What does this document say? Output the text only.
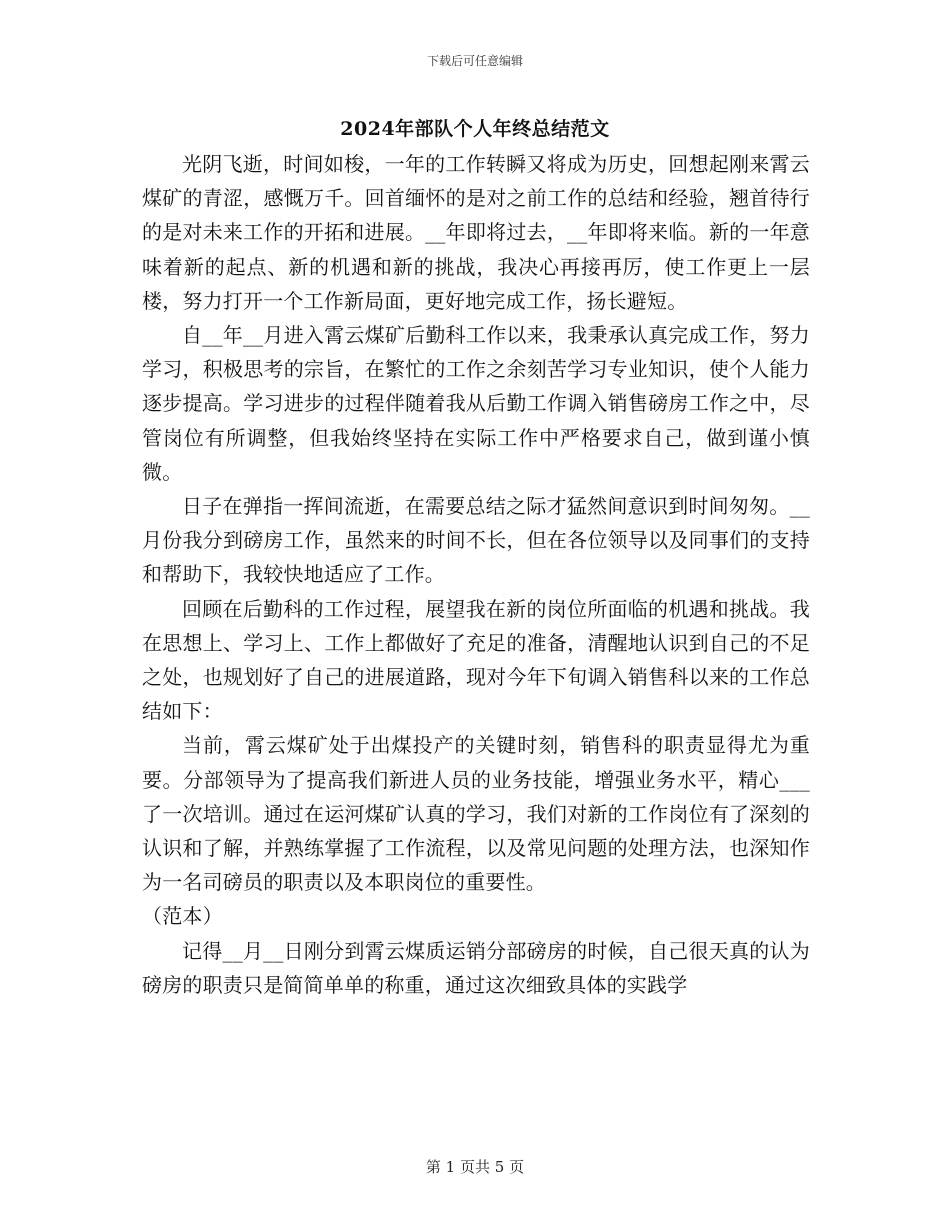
下载后可任意编辑
2024年部队个人年终总结范文

光阴飞逝，时间如梭，一年的工作转瞬又将成为历史，回想起刚来霄云煤矿的青涩，感慨万千。回首缅怀的是对之前工作的总结和经验，翘首待行的是对未来工作的开拓和进展。__年即将过去，__年即将来临。新的一年意味着新的起点、新的机遇和新的挑战，我决心再接再厉，使工作更上一层楼，努力打开一个工作新局面，更好地完成工作，扬长避短。

自__年__月进入霄云煤矿后勤科工作以来，我秉承认真完成工作，努力学习，积极思考的宗旨，在繁忙的工作之余刻苦学习专业知识，使个人能力逐步提高。学习进步的过程伴随着我从后勤工作调入销售磅房工作之中，尽管岗位有所调整，但我始终坚持在实际工作中严格要求自己，做到谨小慎微。

日子在弹指一挥间流逝，在需要总结之际才猛然间意识到时间匆匆。__月份我分到磅房工作，虽然来的时间不长，但在各位领导以及同事们的支持和帮助下，我较快地适应了工作。

回顾在后勤科的工作过程，展望我在新的岗位所面临的机遇和挑战。我在思想上、学习上、工作上都做好了充足的准备，清醒地认识到自己的不足之处，也规划好了自己的进展道路，现对今年下旬调入销售科以来的工作总结如下：

当前，霄云煤矿处于出煤投产的关键时刻，销售科的职责显得尤为重要。分部领导为了提高我们新进人员的业务技能，增强业务水平，精心___了一次培训。通过在运河煤矿认真的学习，我们对新的工作岗位有了深刻的认识和了解，并熟练掌握了工作流程，以及常见问题的处理方法，也深知作为一名司磅员的职责以及本职岗位的重要性。

（范本）

记得__月__日刚分到霄云煤质运销分部磅房的时候，自己很天真的认为磅房的职责只是简简单单的称重，通过这次细致具体的实践学

第 1 页共 5 页
